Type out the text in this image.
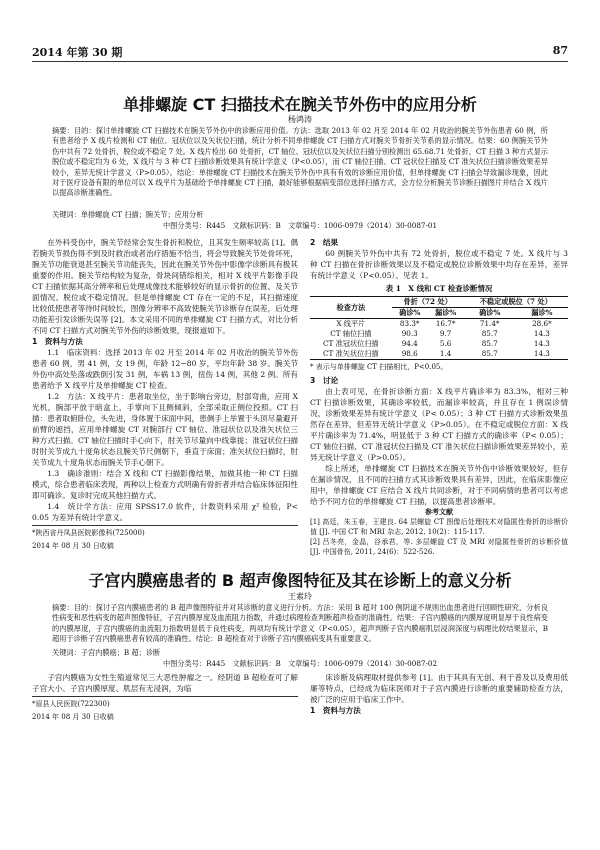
2014 年第 30 期	87
单排螺旋 CT 扫描技术在腕关节外伤中的应用分析
杨鸿涛
摘要：目的：探讨单排螺旋 CT 扫描技术在腕关节外伤中的诊断应用价值。方法：选取 2013 年 02 月至 2014 年 02 月收治的腕关节外伤患者 60 例，所有患者给予 X 线片检测和 CT 轴位、冠状位以及矢状位扫描，统计分析不同单排螺旋 CT 扫描方式对腕关节骨折关节系的显示情况。结果：60 例腕关节外伤中共有 72 处骨折，脱位或不稳定 7 处。X 线片检出 60 处骨折，CT 轴位、冠状位以及矢状位扫描分别检测出 65.68.71 处骨折，CT 扫描 3 种方式显示脱位或不稳定均为 6 处，X 线片与 3 种 CT 扫描诊断效果具有统计学意义（P<0.05），而 CT 轴位扫描、CT 冠状位扫描及 CT 准矢状位扫描诊断效果差异较小，差异无统计学意义（P>0.05）。结论：单排螺旋 CT 扫描技术在腕关节外伤中具有有效的诊断应用价值，但单排螺旋 CT 扫描会导致漏诊现象，因此对于医疗设备有限的单位可以 X 线平片为基础给予单排螺旋 CT 扫描，最好能够根据病变部位选择扫描方式，会方位分析腕关节诊断扫描图片并结合 X 线片以提高诊断准确性。
关键词：单排螺旋 CT 扫描；腕关节；应用分析
中图分类号：R445　文献标识码：B　文章编号：1006-0979（2014）30-0087-01

在外科受伤中，腕关节经常会发生骨折和脱位，且其发生频率较高 [1]。偶若腕关节损伤得不到及时救治或者治疗措施不恰当，将会导致腕关节处骨坏死，腕关节功能衰退甚至腕关节功能丧失，因此在腕关节外伤中影像学诊断具有极其重要的作用。腕关节结构较为复杂，骨块间错综相关，相对 X 线平片影像手段 CT 扫描依据其高分辨率和后处理成像技术能够较好的显示骨折的位置、及关节面情况、脱位或不稳定情况。但是单排螺旋 CT 存在一定的不足，其扫描速度比较低使患者等待时间较长，图像分辨率不高致使腕关节诊断存在误差，后处理功能差引发诊断失误等 [2]。本文采用不同的单排螺旋 CT 扫描方式，对比分析不同 CT 扫描方式对腕关节外伤的诊断效果，现报道如下。

1　资料与方法

1.1　临床资料：选择 2013 年 02 月至 2014 年 02 月收治的腕关节外伤患者 60 例，男 41 例，女 19 例，年龄 12~80 岁，平均年龄 38 岁。腕关节外伤中高处坠落或跌倒引发 31 例，车祸 13 例，扭伤 14 例，其他 2 例。所有患者给予 X 线平片及单排螺旋 CT 检查。

1.2　方法：X 线平片：患者取坐位，坐于影响台旁边，肘部弯曲，应用 X 光机，腕部平放于暗盒上，手掌向下且侧倾斜，全部采取正侧位投照。CT 扫描：患者取俯卧位，头先进，身体置于床面中间，患侧手上举置于头顶尽量避开前臂的遮挡，应用单排螺旋 CT 对腕部行 CT 轴位、准冠状位以及准矢状位三种方式扫描。CT 轴位扫描时手心向下，肘关节尽量向中线靠拢；准冠状位扫描时肘关节成九十度角状态且腕关节尺侧朝下，垂直于床面；准矢状位扫描时，肘关节成九十度角状态而腕关节手心朝下。

1.3　确诊准则：结合 X 线和 CT 扫描影像结果，加做其他一种 CT 扫描模式，综合患者临床表现，两种以上检查方式明确有骨折者并结合临床体征阳性即可确诊。复诊时完成其他扫描方式。

1.4　统计学方法：应用 SPSS17.0 软件，计数资料采用 χ² 检验，P< 0.05 为差异有统计学意义。

*陕西省丹凤县医院影像科(725000)

2014 年 08 月 30 日收稿

2　结果

60 例腕关节外伤中共有 72 处骨折，脱位或不稳定 7 处。X 线片与 3 种 CT 扫描在骨折诊断效果以及不稳定或脱位诊断效果中均存在差异，差异有统计学意义（P<0.05）。见表 1。

表 1　X 线和 CT 检查诊断情况

检查方法	骨折（72 处）		不稳定或脱位（7 处）	
	确诊%	漏诊%	确诊%	漏诊%
X 线平片	83.3*	16.7*	71.4*	28.6*
CT 轴位扫描	90.3	9.7	85.7	14.3
CT 准冠状位扫描	94.4	5.6	85.7	14.3
CT 准矢状位扫描	98.6	1.4	85.7	14.3

* 表示与单排螺旋 CT 扫描相比，P<0.05。

3　讨论

由上表可见，在骨折诊断方面：X 线平片确诊率为 83.3%，相对三种 CT 扫描诊断效果，其确诊率较低，而漏诊率较高，并且存在 1 例误诊情况，诊断效果差异有统计学意义（P< 0.05）；3 种 CT 扫描方式诊断效果虽然存在差异，但差异无统计学意义（P>0.05）。在不稳定或脱位方面：X 线平片确诊率为 71.4%，明显低于 3 种 CT 扫描方式的确诊率（P< 0.05）；CT 轴位扫描、CT 准冠状位扫描及 CT 准矢状位扫描诊断效果差异较小，差异无统计学意义（P>0.05）。

综上所述，单排螺旋 CT 扫描技术在腕关节外伤中诊断效果较好，但存在漏诊情况，且不同的扫描方式其诊断效果具有差异，因此，在临床影像应用中，单排螺旋 CT 应结合 X 线片共同诊断，对于不同病情的患者可以考虑给予不同方位的单排螺旋 CT 扫描，以提高患者诊断率。

参考文献

[1] 高廷，朱玉春，王建良. 64 层螺旋 CT 图像后处理技术对隐匿性骨折的诊断价值 [J]. 中国 CT 和 MRI 杂志, 2012, 10(2)：115-117.

[2] 吕冬亮，金晶，谷承君，等. 多层螺旋 CT 及 MRI 对隐匿性骨折的诊断价值 [J]. 中国骨伤, 2011, 24(6)：522-526.

子宫内膜癌患者的 B 超声像图特征及其在诊断上的意义分析
王素玲
摘要：目的：探讨子宫内膜癌患者的 B 超声像图特征并对其诊断的意义进行分析。方法：采用 B 超对 100 例阴道不规则出血患者进行回顾性研究，分析良性病变和恶性病变的超声图像特征，子宫内膜厚度及血流阻力指数，并通过病理检查判断超声检查的准确性。结果：子宫内膜癌的内膜厚度明显厚于良性病变的内膜厚度，子宫内膜癌的血流阻力指数明显低于良性病变，两项均有统计学意义（P<0.05），超声判断子宫内膜癌肌层浸润深度与病理比较结果显示，B 超用于诊断子宫内膜癌患者有较高的准确性。结论：B 超检查对于诊断子宫内膜癌病变具有重要意义。
关键词：子宫内膜癌；B 超；诊断
中图分类号：R445　文献标识码：B　文章编号：1006-0979（2014）30-0087-02

子宫内膜癌为女性生殖道常见三大恶性肿瘤之一。经阴道 B 超检查可了解子宫大小、子宫内膜厚度、肌层有无浸润，为临

*眉县人民医院(722300)

2014 年 08 月 30 日收稿

床诊断及病理取材提供参考 [1]。由于其具有无创、利于普及以及费用低廉等特点，已经成为临床医师对于子宫内膜进行诊断的重要辅助检查方法，被广泛的应用于临床工作中。

1　资料与方法
